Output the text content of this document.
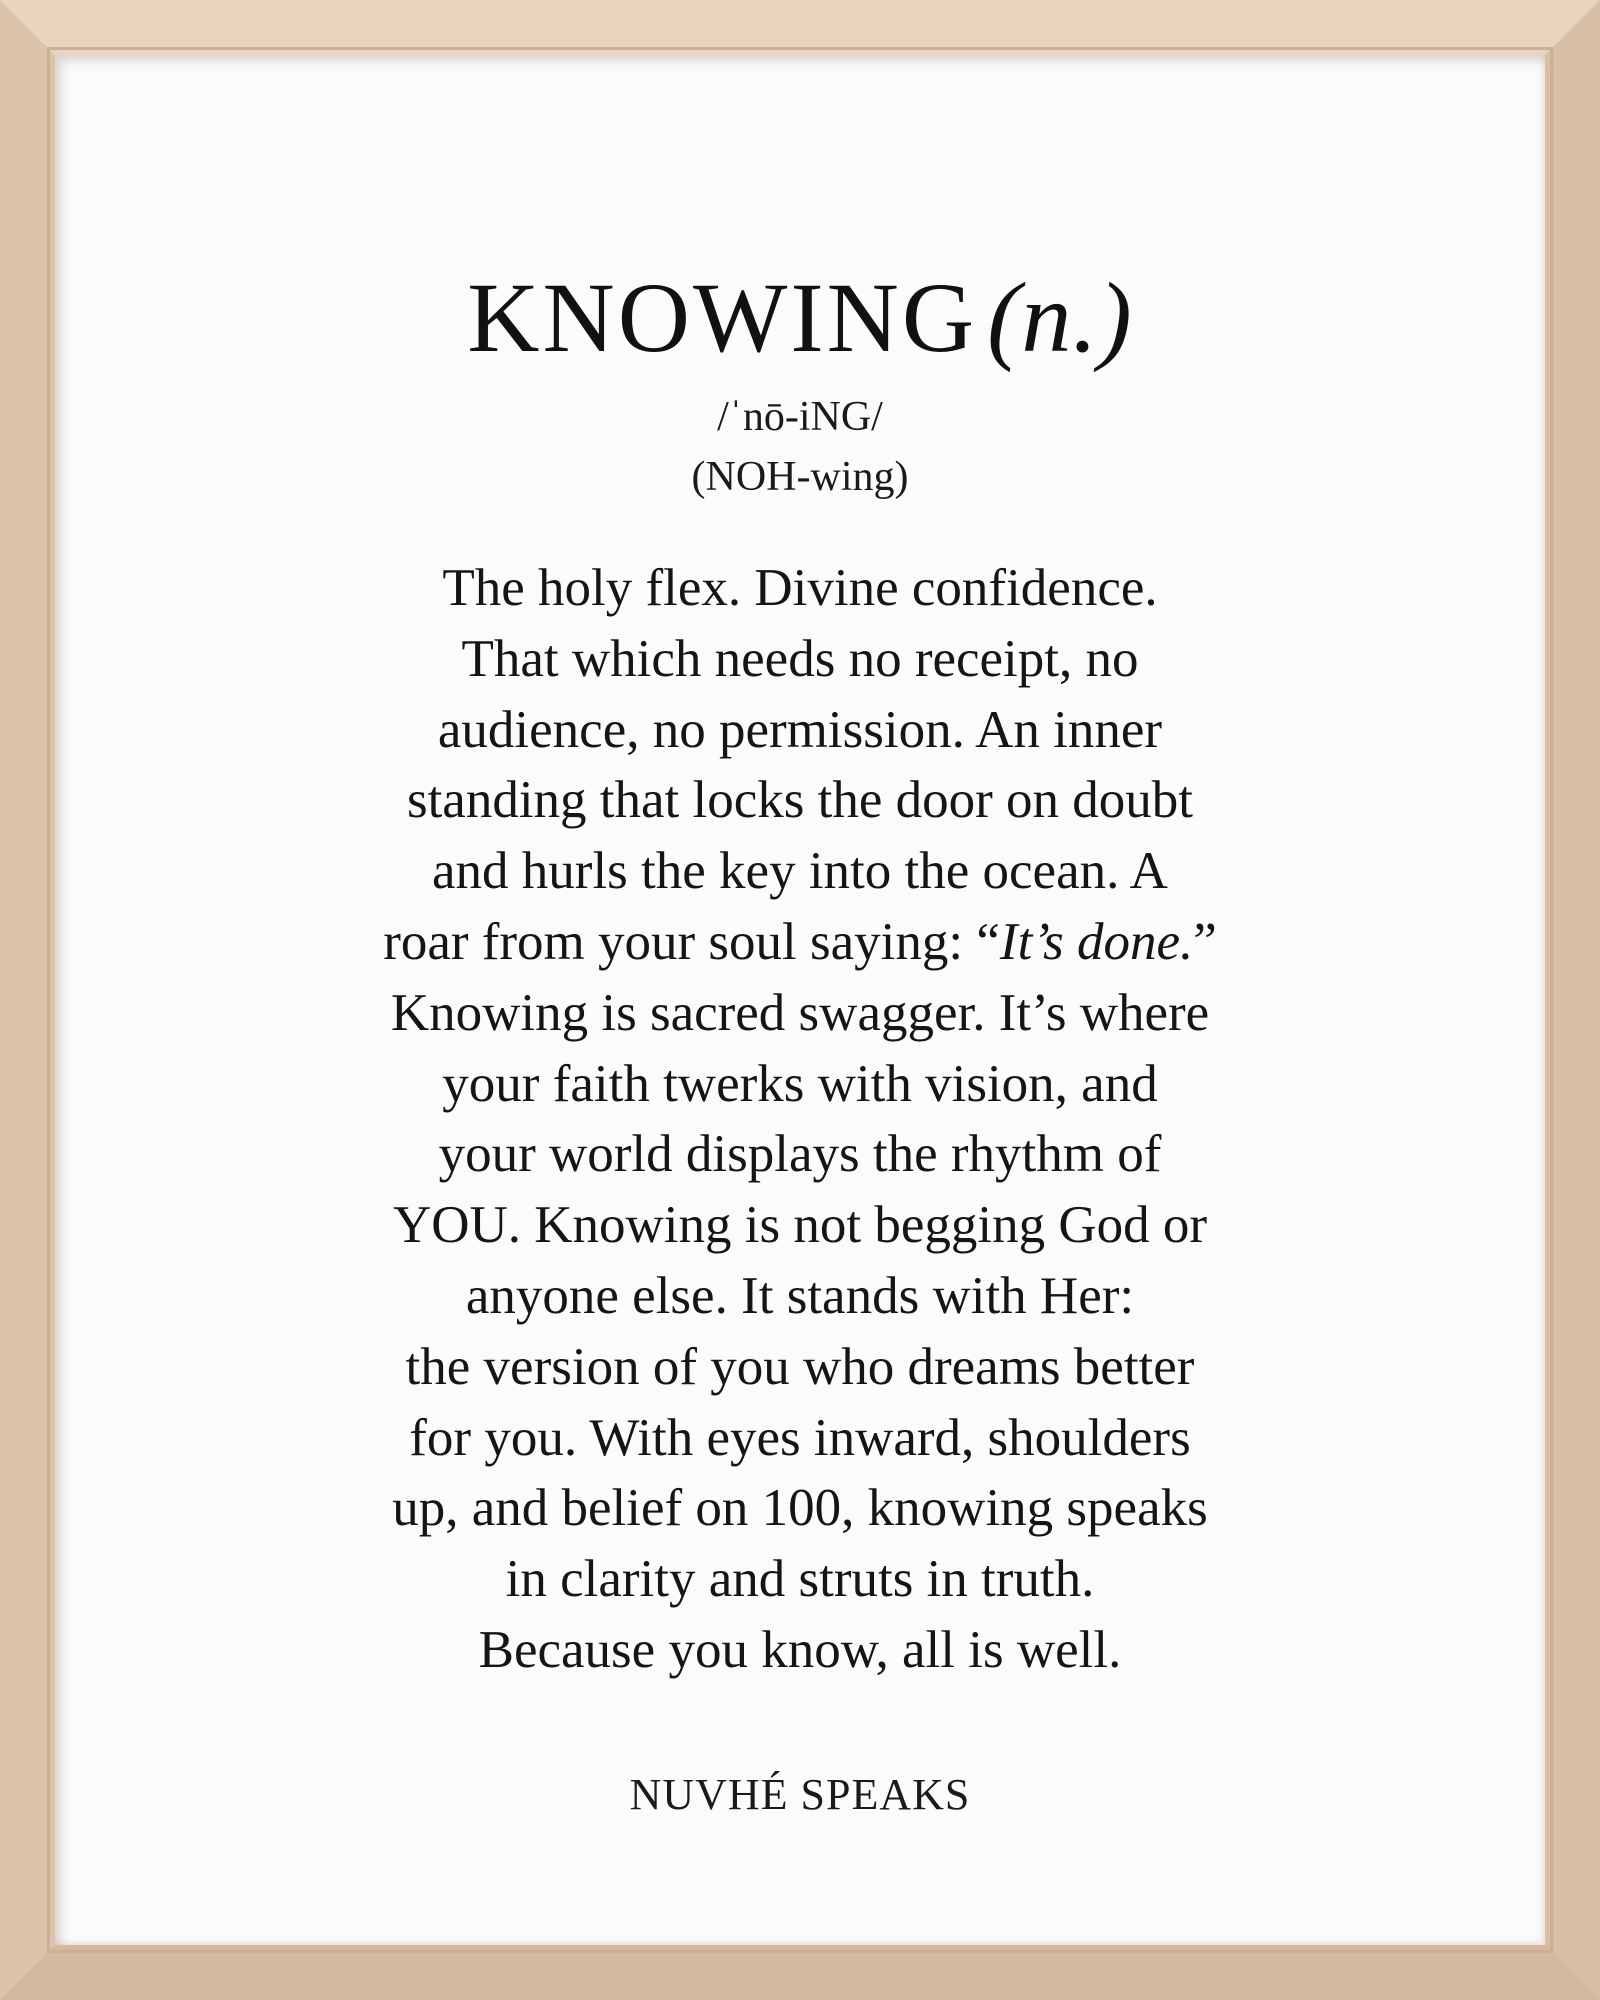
KNOWING (n.)
/ˈnō-iNG/
(NOH-wing)
The holy flex. Divine confidence.
That which needs no receipt, no
audience, no permission. An inner
standing that locks the door on doubt
and hurls the key into the ocean. A
roar from your soul saying: “It’s done.”
Knowing is sacred swagger. It’s where
your faith twerks with vision, and
your world displays the rhythm of
YOU. Knowing is not begging God or
anyone else. It stands with Her:
the version of you who dreams better
for you. With eyes inward, shoulders
up, and belief on 100, knowing speaks
in clarity and struts in truth.
Because you know, all is well.
NUVHÉ SPEAKS
